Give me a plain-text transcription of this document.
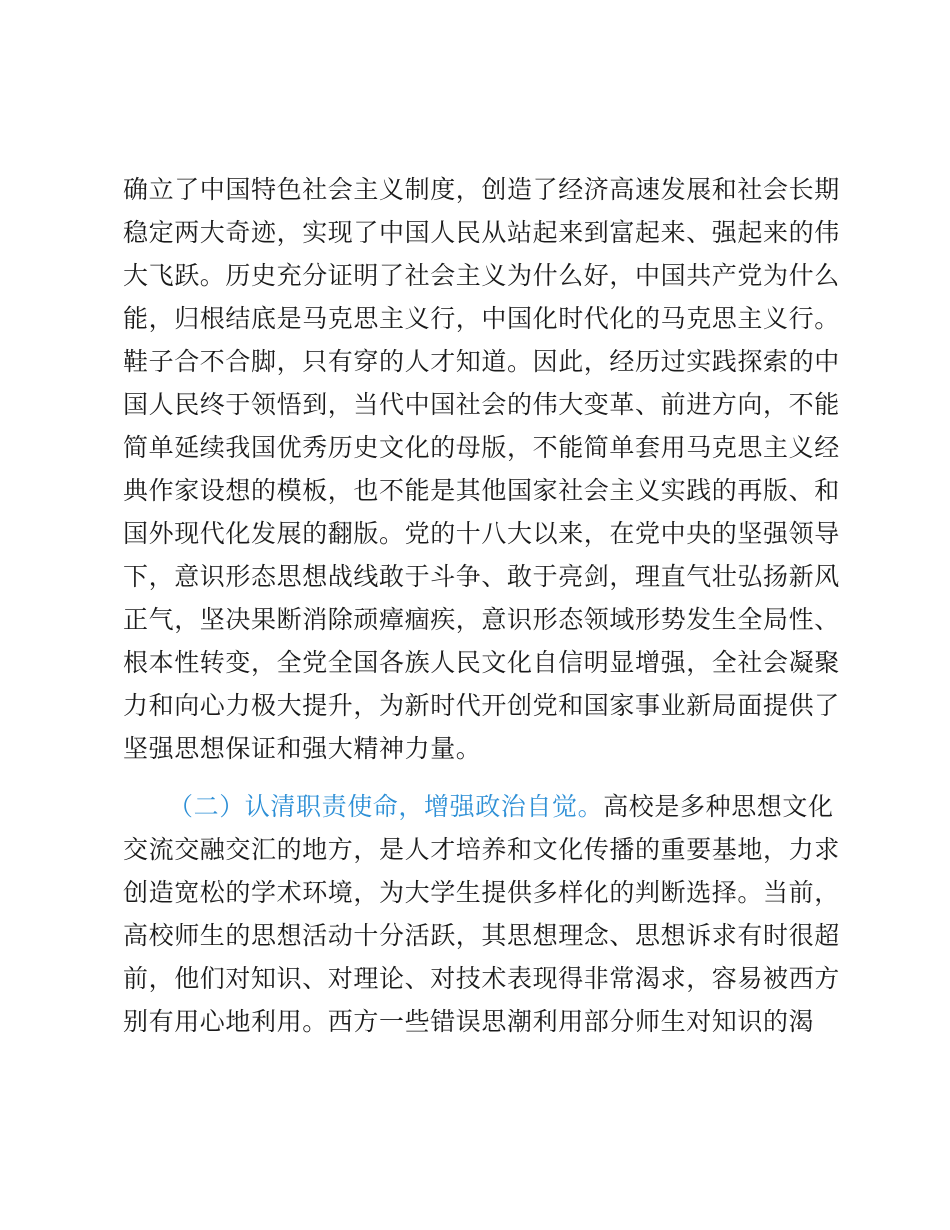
确立了中国特色社会主义制度，创造了经济高速发展和社会长期
稳定两大奇迹，实现了中国人民从站起来到富起来、强起来的伟
大飞跃。历史充分证明了社会主义为什么好，中国共产党为什么
能，归根结底是马克思主义行，中国化时代化的马克思主义行。
鞋子合不合脚，只有穿的人才知道。因此，经历过实践探索的中
国人民终于领悟到，当代中国社会的伟大变革、前进方向，不能
简单延续我国优秀历史文化的母版，不能简单套用马克思主义经
典作家设想的模板，也不能是其他国家社会主义实践的再版、和
国外现代化发展的翻版。党的十八大以来，在党中央的坚强领导
下，意识形态思想战线敢于斗争、敢于亮剑，理直气壮弘扬新风
正气，坚决果断消除顽瘴痼疾，意识形态领域形势发生全局性、
根本性转变，全党全国各族人民文化自信明显增强，全社会凝聚
力和向心力极大提升，为新时代开创党和国家事业新局面提供了
坚强思想保证和强大精神力量。
（二）认清职责使命，增强政治自觉。高校是多种思想文化
交流交融交汇的地方，是人才培养和文化传播的重要基地，力求
创造宽松的学术环境，为大学生提供多样化的判断选择。当前，
高校师生的思想活动十分活跃，其思想理念、思想诉求有时很超
前，他们对知识、对理论、对技术表现得非常渴求，容易被西方
别有用心地利用。西方一些错误思潮利用部分师生对知识的渴
